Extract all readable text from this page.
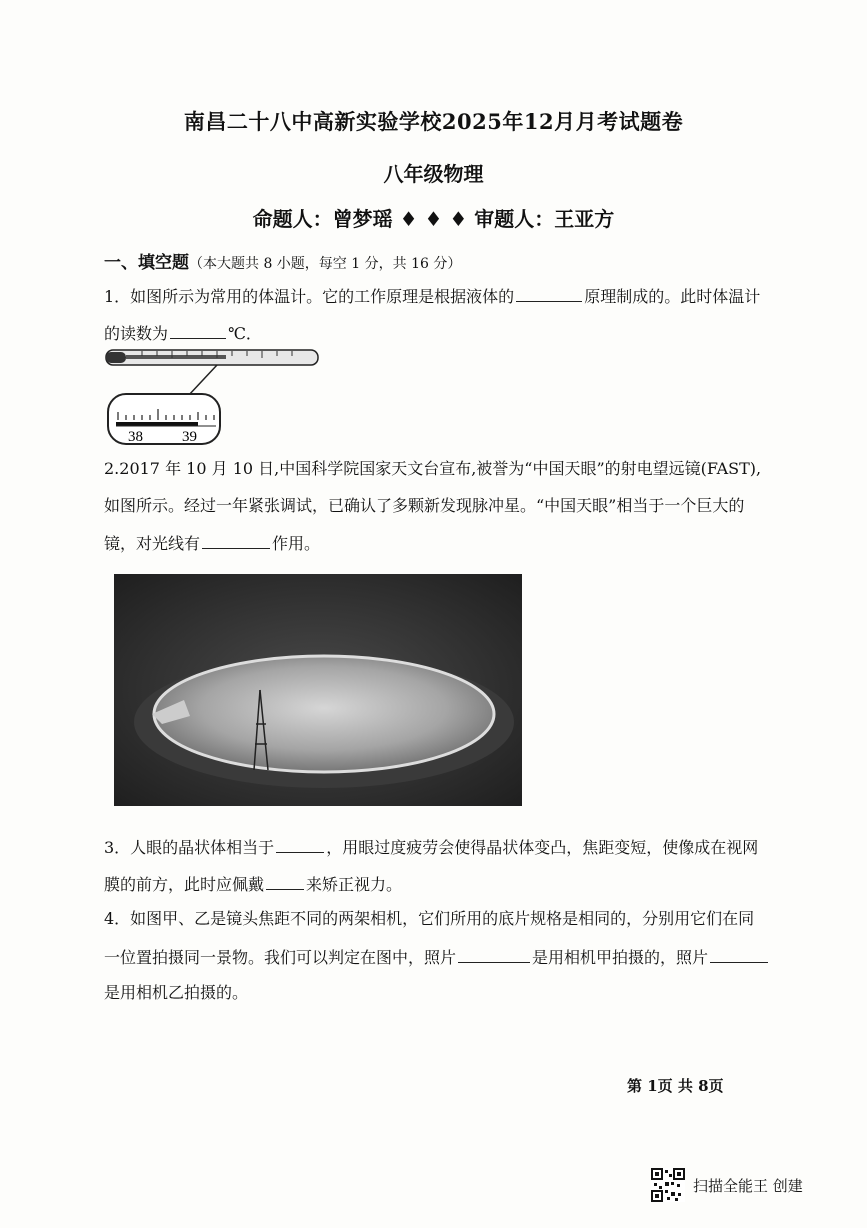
南昌二十八中高新实验学校2025年12月月考试题卷
八年级物理
命题人：曾梦瑶 ♦ ♦ ♦ 审题人：王亚方
一、填空题（本大题共 8 小题，每空 1 分，共 16 分）
1．如图所示为常用的体温计。它的工作原理是根据液体的	原理制成的。此时体温计
的读数为	℃．
38	39
2.2017 年 10 月 10 日,中国科学院国家天文台宣布,被誉为“中国天眼”的射电望远镜(FAST),
如图所示。经过一年紧张调试，已确认了多颗新发现脉冲星。“中国天眼”相当于一个巨大的
镜，对光线有	作用。
3．人眼的晶状体相当于	，用眼过度疲劳会使得晶状体变凸，焦距变短，使像成在视网
膜的前方，此时应佩戴	来矫正视力。
4．如图甲、乙是镜头焦距不同的两架相机，它们所用的底片规格是相同的，分别用它们在同
一位置拍摄同一景物。我们可以判定在图中，照片	是用相机甲拍摄的，照片
是用相机乙拍摄的。
第 1页 共 8页
扫描全能王 创建
